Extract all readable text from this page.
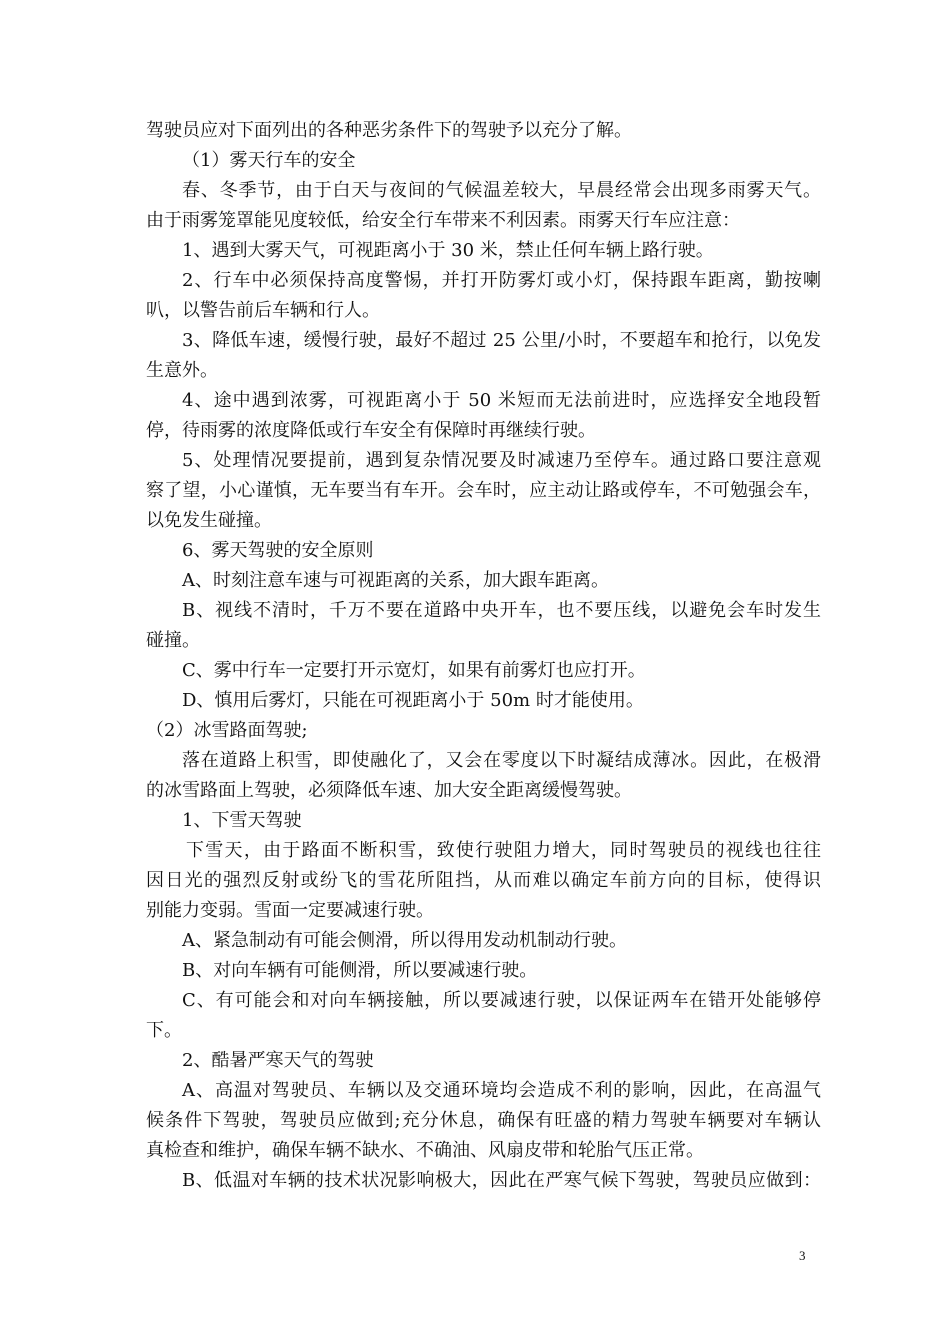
驾驶员应对下面列出的各种恶劣条件下的驾驶予以充分了解。
（1）雾天行车的安全
春、冬季节，由于白天与夜间的气候温差较大，早晨经常会出现多雨雾天气。
由于雨雾笼罩能见度较低，给安全行车带来不利因素。雨雾天行车应注意：
1、遇到大雾天气，可视距离小于 30 米，禁止任何车辆上路行驶。
2、行车中必须保持高度警惕，并打开防雾灯或小灯，保持跟车距离，勤按喇
叭，以警告前后车辆和行人。
3、降低车速，缓慢行驶，最好不超过 25 公里/小时，不要超车和抢行，以免发
生意外。
4、途中遇到浓雾，可视距离小于 50 米短而无法前进时，应选择安全地段暂
停，待雨雾的浓度降低或行车安全有保障时再继续行驶。
5、处理情况要提前，遇到复杂情况要及时减速乃至停车。通过路口要注意观
察了望，小心谨慎，无车要当有车开。会车时，应主动让路或停车，不可勉强会车，
以免发生碰撞。
6、雾天驾驶的安全原则
A、时刻注意车速与可视距离的关系，加大跟车距离。
B、视线不清时，千万不要在道路中央开车，也不要压线，以避免会车时发生
碰撞。
C、雾中行车一定要打开示宽灯，如果有前雾灯也应打开。
D、慎用后雾灯，只能在可视距离小于 50m 时才能使用。
（2）冰雪路面驾驶;
落在道路上积雪，即使融化了，又会在零度以下时凝结成薄冰。因此，在极滑
的冰雪路面上驾驶，必须降低车速、加大安全距离缓慢驾驶。
1、下雪天驾驶
下雪天，由于路面不断积雪，致使行驶阻力增大，同时驾驶员的视线也往往
因日光的强烈反射或纷飞的雪花所阻挡，从而难以确定车前方向的目标，使得识
别能力变弱。雪面一定要减速行驶。
A、紧急制动有可能会侧滑，所以得用发动机制动行驶。
B、对向车辆有可能侧滑，所以要减速行驶。
C、有可能会和对向车辆接触，所以要减速行驶，以保证两车在错开处能够停
下。
2、酷暑严寒天气的驾驶
A、高温对驾驶员、车辆以及交通环境均会造成不利的影响，因此，在高温气
候条件下驾驶，驾驶员应做到;充分休息，确保有旺盛的精力驾驶车辆要对车辆认
真检查和维护，确保车辆不缺水、不确油、风扇皮带和轮胎气压正常。
B、低温对车辆的技术状况影响极大，因此在严寒气候下驾驶，驾驶员应做到：
3
